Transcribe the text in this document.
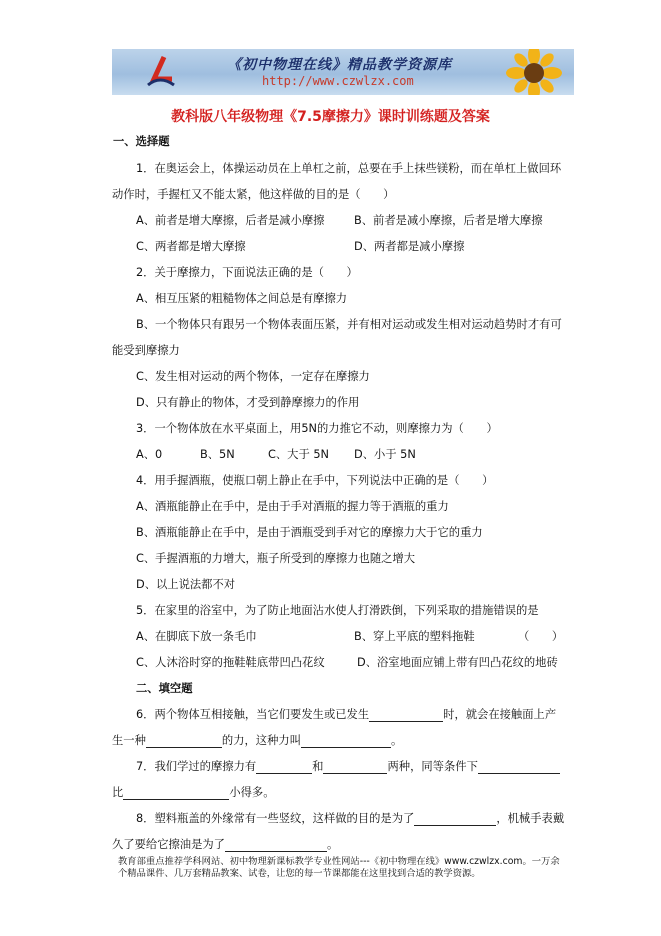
《初中物理在线》精品教学资源库
http://www.czwlzx.com
教科版八年级物理《7.5摩擦力》课时训练题及答案
一、选择题
1．在奥运会上，体操运动员在上单杠之前，总要在手上抹些镁粉，而在单杠上做回环
动作时，手握杠又不能太紧，他这样做的目的是（　　）
A、前者是增大摩擦，后者是减小摩擦	B、前者是减小摩擦，后者是增大摩擦
C、两者都是增大摩擦	D、两者都是减小摩擦
2．关于摩擦力，下面说法正确的是（　　）
A、相互压紧的粗糙物体之间总是有摩擦力
B、一个物体只有跟另一个物体表面压紧，并有相对运动或发生相对运动趋势时才有可
能受到摩擦力
C、发生相对运动的两个物体，一定存在摩擦力
D、只有静止的物体，才受到静摩擦力的作用
3．一个物体放在水平桌面上，用5N的力推它不动，则摩擦力为（　　）
A、0	B、5N	C、大于 5N D、小于 5N
4．用手握酒瓶，使瓶口朝上静止在手中，下列说法中正确的是（　　）
A、酒瓶能静止在手中，是由于手对酒瓶的握力等于酒瓶的重力
B、酒瓶能静止在手中，是由于酒瓶受到手对它的摩擦力大于它的重力
C、手握酒瓶的力增大，瓶子所受到的摩擦力也随之增大
D、以上说法都不对
5．在家里的浴室中，为了防止地面沾水使人打滑跌倒，下列采取的措施错误的是
A、在脚底下放一条毛巾	B、穿上平底的塑料拖鞋	（　　）
C、人沐浴时穿的拖鞋鞋底带凹凸花纹	D、浴室地面应铺上带有凹凸花纹的地砖
二、填空题
6．两个物体互相接触，当它们要发生或已发生	时，就会在接触面上产
生一种	的力，这种力叫	。
7．我们学过的摩擦力有	和	两种，同等条件下
比	小得多。
8．塑料瓶盖的外缘常有一些竖纹，这样做的目的是为了	，机械手表戴
久了要给它擦油是为了	。
教育部重点推荐学科网站、初中物理新课标教学专业性网站---《初中物理在线》www.czwlzx.com。一万余
个精品课件、几万套精品教案、试卷，让您的每一节课都能在这里找到合适的教学资源。
